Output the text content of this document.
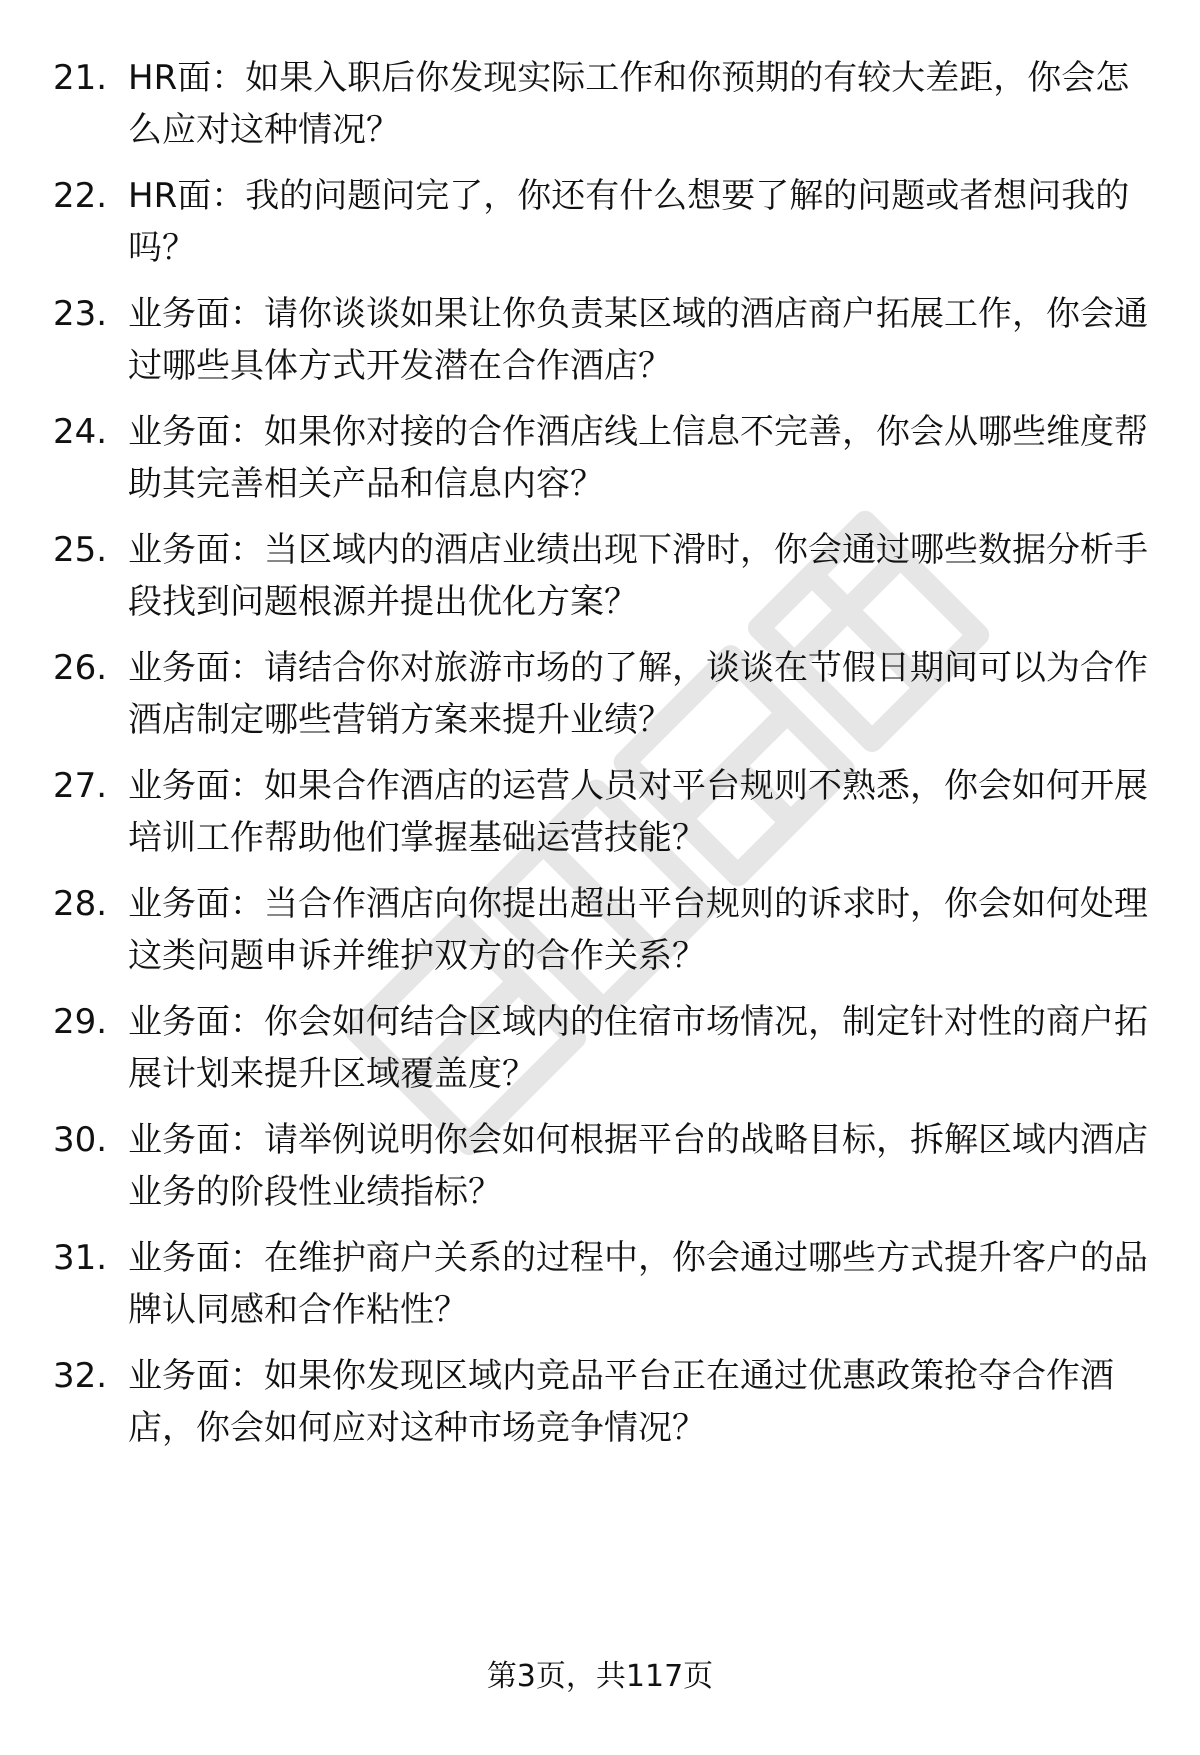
21. HR面：如果入职后你发现实际工作和你预期的有较大差距，你会怎么应对这种情况？
22. HR面：我的问题问完了，你还有什么想要了解的问题或者想问我的吗？
23. 业务面：请你谈谈如果让你负责某区域的酒店商户拓展工作，你会通过哪些具体方式开发潜在合作酒店？
24. 业务面：如果你对接的合作酒店线上信息不完善，你会从哪些维度帮助其完善相关产品和信息内容？
25. 业务面：当区域内的酒店业绩出现下滑时，你会通过哪些数据分析手段找到问题根源并提出优化方案？
26. 业务面：请结合你对旅游市场的了解，谈谈在节假日期间可以为合作酒店制定哪些营销方案来提升业绩？
27. 业务面：如果合作酒店的运营人员对平台规则不熟悉，你会如何开展培训工作帮助他们掌握基础运营技能？
28. 业务面：当合作酒店向你提出超出平台规则的诉求时，你会如何处理这类问题申诉并维护双方的合作关系？
29. 业务面：你会如何结合区域内的住宿市场情况，制定针对性的商户拓展计划来提升区域覆盖度？
30. 业务面：请举例说明你会如何根据平台的战略目标，拆解区域内酒店业务的阶段性业绩指标？
31. 业务面：在维护商户关系的过程中，你会通过哪些方式提升客户的品牌认同感和合作粘性？
32. 业务面：如果你发现区域内竞品平台正在通过优惠政策抢夺合作酒店，你会如何应对这种市场竞争情况？
第3页，共117页
